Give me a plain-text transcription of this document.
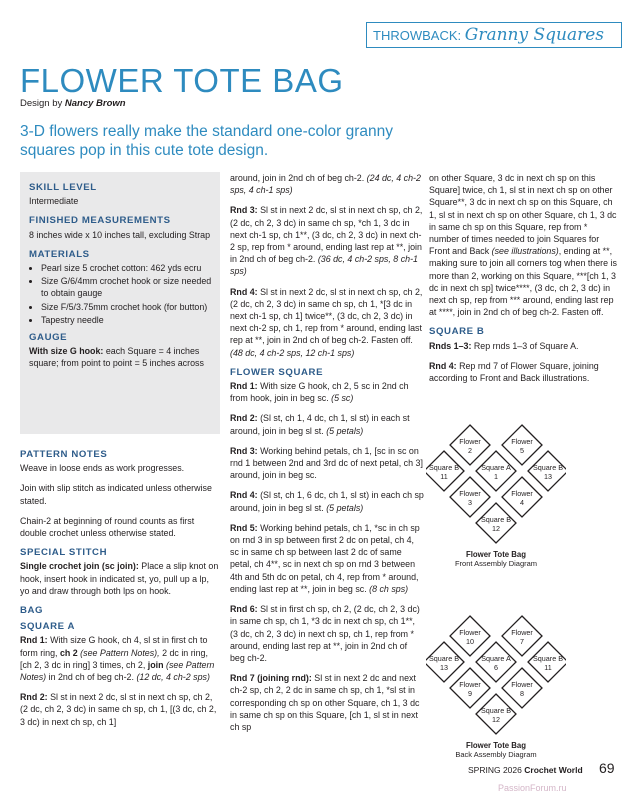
THROWBACK: Granny Squares
FLOWER TOTE BAG
Design by Nancy Brown
3-D flowers really make the standard one-color granny squares pop in this cute tote design.
SKILL LEVEL

Intermediate

FINISHED MEASUREMENTS

8 inches wide x 10 inches tall, excluding Strap

MATERIALS
• Pearl size 5 crochet cotton: 462 yds ecru
• Size G/6/4mm crochet hook or size needed to obtain gauge
• Size F/5/3.75mm crochet hook (for button)
• Tapestry needle
GAUGE

With size G hook: each Square = 4 inches square; from point to point = 5 inches across

PATTERN NOTES

Weave in loose ends as work progresses.

Join with slip stitch as indicated unless otherwise stated.

Chain-2 at beginning of round counts as first double crochet unless otherwise stated.

SPECIAL STITCH

Single crochet join (sc join): Place a slip knot on hook, insert hook in indicated st, yo, pull up a lp, yo and draw through both lps on hook.

BAG
SQUARE A

Rnd 1: With size G hook, ch 4, sl st in first ch to form ring, ch 2 (see Pattern Notes), 2 dc in ring, [ch 2, 3 dc in ring] 3 times, ch 2, join (see Pattern Notes) in 2nd ch of beg ch-2. (12 dc, 4 ch-2 sps)

Rnd 2: Sl st in next 2 dc, sl st in next ch sp, ch 2, (2 dc, ch 2, 3 dc) in same ch sp, ch 1, [(3 dc, ch 2, 3 dc) in next ch sp, ch 1]

around, join in 2nd ch of beg ch-2. (24 dc, 4 ch-2 sps, 4 ch-1 sps)

Rnd 3: Sl st in next 2 dc, sl st in next ch sp, ch 2, (2 dc, ch 2, 3 dc) in same ch sp, *ch 1, 3 dc in next ch-1 sp, ch 1**, (3 dc, ch 2, 3 dc) in next ch-2 sp, rep from * around, ending last rep at **, join in 2nd ch of beg ch-2. (36 dc, 4 ch-2 sps, 8 ch-1 sps)

Rnd 4: Sl st in next 2 dc, sl st in next ch sp, ch 2, (2 dc, ch 2, 3 dc) in same ch sp, ch 1, *[3 dc in next ch-1 sp, ch 1] twice**, (3 dc, ch 2, 3 dc) in next ch-2 sp, ch 1, rep from * around, ending last rep at **, join in 2nd ch of beg ch-2. Fasten off. (48 dc, 4 ch-2 sps, 12 ch-1 sps)

FLOWER SQUARE

Rnd 1: With size G hook, ch 2, 5 sc in 2nd ch from hook, join in beg sc. (5 sc)

Rnd 2: (Sl st, ch 1, 4 dc, ch 1, sl st) in each st around, join in beg sl st. (5 petals)

Rnd 3: Working behind petals, ch 1, [sc in sc on rnd 1 between 2nd and 3rd dc of next petal, ch 3] around, join in beg sc.

Rnd 4: (Sl st, ch 1, 6 dc, ch 1, sl st) in each ch sp around, join in beg sl st. (5 petals)

Rnd 5: Working behind petals, ch 1, *sc in ch sp on rnd 3 in sp between first 2 dc on petal, ch 4, sc in same ch sp between last 2 dc of same petal, ch 4**, sc in next ch sp on rnd 3 between 4th and 5th dc on petal, ch 4, rep from * around, ending last rep at **, join in beg sc. (8 ch sps)

Rnd 6: Sl st in first ch sp, ch 2, (2 dc, ch 2, 3 dc) in same ch sp, ch 1, *3 dc in next ch sp, ch 1**, (3 dc, ch 2, 3 dc) in next ch sp, ch 1, rep from * around, ending last rep at **, join in 2nd ch of beg ch-2.

Rnd 7 (joining rnd): Sl st in next 2 dc and next ch-2 sp, ch 2, 2 dc in same ch sp, ch 1, *sl st in corresponding ch sp on other Square, ch 1, 3 dc in same ch sp on this Square, [ch 1, sl st in next ch sp

on other Square, 3 dc in next ch sp on this Square] twice, ch 1, sl st in next ch sp on other Square**, 3 dc in next ch sp on this Square, ch 1, sl st in next ch sp on other Square, ch 1, 3 dc in same ch sp on this Square, rep from * number of times needed to join Squares for Front and Back (see illustrations), ending at **, making sure to join all corners tog when there is more than 2, working on this Square, ***[ch 1, 3 dc in next ch sp] twice****, (3 dc, ch 2, 3 dc) in next ch sp, rep from *** around, ending last rep at ****, join in 2nd ch of beg ch-2. Fasten off.

SQUARE B

Rnds 1–3: Rep rnds 1–3 of Square A.

Rnd 4: Rep rnd 7 of Flower Square, joining according to Front and Back illustrations.

Flower
2
Flower
5
Square B
11
Square A
1
Square B
13
Flower
3
Flower
4
Square B
12
Flower Tote Bag
Front Assembly Diagram
Flower
10
Flower
7
Square B
13
Square A
6
Square B
11
Flower
9
Flower
8
Square B
12
Flower Tote Bag
Back Assembly Diagram
SPRING 2026 Crochet World 69
PassionForum.ru
